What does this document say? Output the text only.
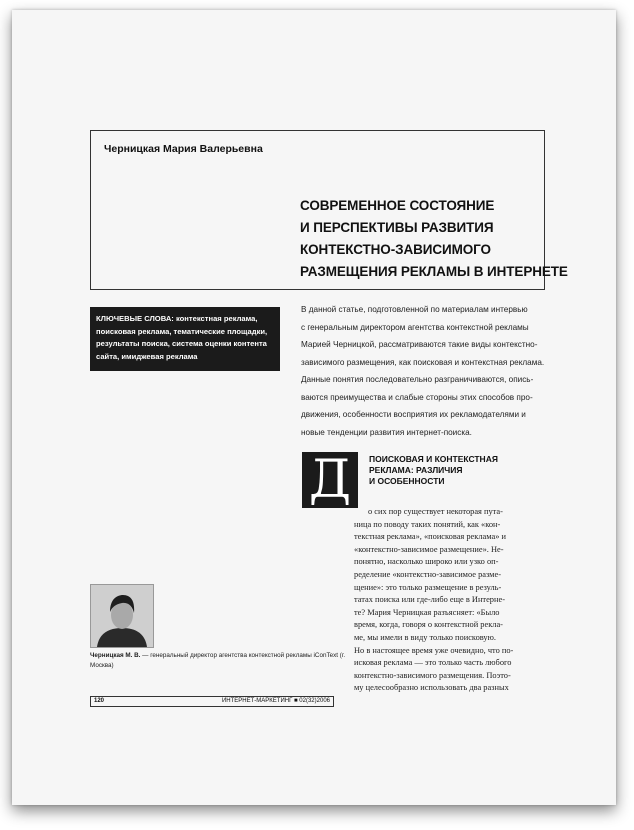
Черницкая Мария Валерьевна
СОВРЕМЕННОЕ СОСТОЯНИЕ
И ПЕРСПЕКТИВЫ РАЗВИТИЯ
КОНТЕКСТНО-ЗАВИСИМОГО
РАЗМЕЩЕНИЯ РЕКЛАМЫ В ИНТЕРНЕТЕ
КЛЮЧЕВЫЕ СЛОВА: контекстная реклама, поисковая реклама, тематические площадки, результаты поиска, система оценки контента сайта, имиджевая реклама
В данной статье, подготовленной по материалам интервью
с генеральным директором агентства контекстной рекламы
Марией Черницкой, рассматриваются такие виды контекстно-
зависимого размещения, как поисковая и контекстная реклама.
Данные понятия последовательно разграничиваются, опись-
ваются преимущества и слабые стороны этих способов про-
движения, особенности восприятия их рекламодателями и
новые тенденции развития интернет-поиска.
Д	ПОИСКОВАЯ И КОНТЕКСТНАЯ
РЕКЛАМА: РАЗЛИЧИЯ
И ОСОБЕННОСТИ
о сих пор существует некоторая пута-
ница по поводу таких понятий, как «кон-
текстная реклама», «поисковая реклама» и
«контекстно-зависимое размещение». Не-
понятно, насколько широко или узко оп-
ределение «контекстно-зависимое разме-
щение»: это только размещение в резуль-
татах поиска или где-либо еще в Интерне-
те? Мария Черницкая разъясняет: «Было
время, когда, говоря о контекстной рекла-
ме, мы имели в виду только поисковую.
Но в настоящее время уже очевидно, что по-
исковая реклама — это только часть любого
контекстно-зависимого размещения. Поэто-
му целесообразно использовать два разных
Черницкая М. В. — генеральный директор агентства контекстной рекламы iConText (г. Москва)
120	ИНТЕРНЕТ-МАРКЕТИНГ ■ 02(32)2006
